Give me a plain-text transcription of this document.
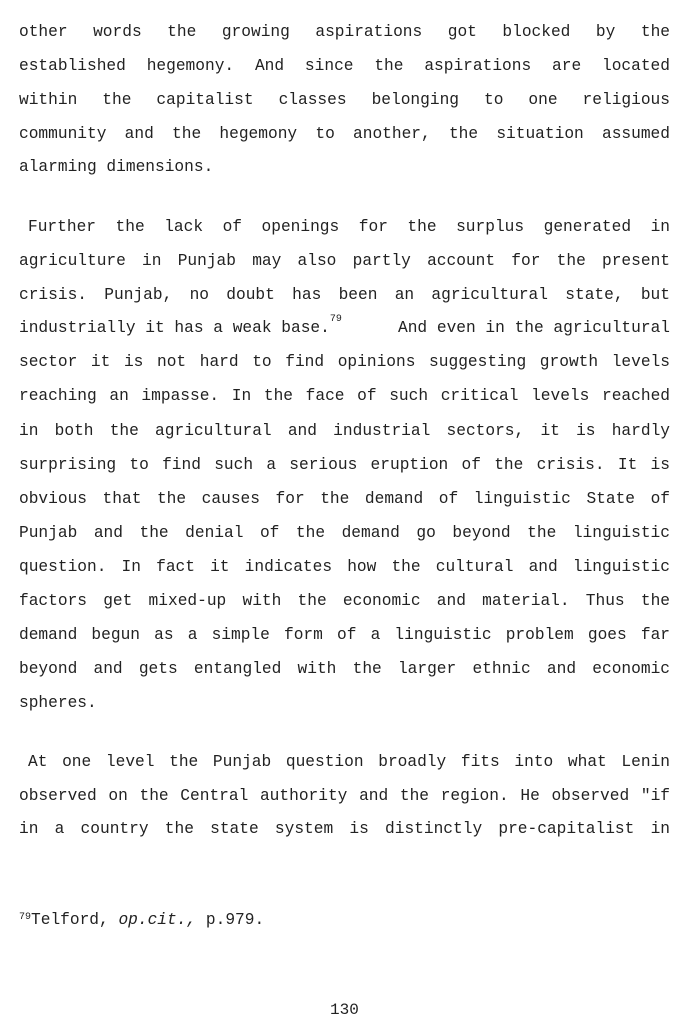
other words the growing aspirations got blocked by the
established hegemony. And since the aspirations are located
within the capitalist classes belonging to one religious
community and the hegemony to another, the situation assumed
alarming dimensions.
Further the lack of openings for the surplus generated in
agriculture in Punjab may also partly account for the present
crisis. Punjab, no doubt has been an agricultural state, but
industrially it has a weak base.$^{79}$	And even in the agricultural
sector it is not hard to find opinions suggesting growth levels
reaching an impasse. In the face of such critical levels reached
in both the agricultural and industrial sectors, it is hardly
surprising to find such a serious eruption of the crisis. It is
obvious that the causes for the demand of linguistic State of
Punjab and the denial of the demand go beyond the linguistic
question. In fact it indicates how the cultural and linguistic
factors get mixed-up with the economic and material. Thus the
demand begun as a simple form of a linguistic problem goes far
beyond and gets entangled with the larger ethnic and economic
spheres.
At one level the Punjab question broadly fits into what Lenin
observed on the Central authority and the region. He observed "if
in a country the state system is distinctly pre-capitalist in
$^{79}$Telford, op.cit., p.979.
130
